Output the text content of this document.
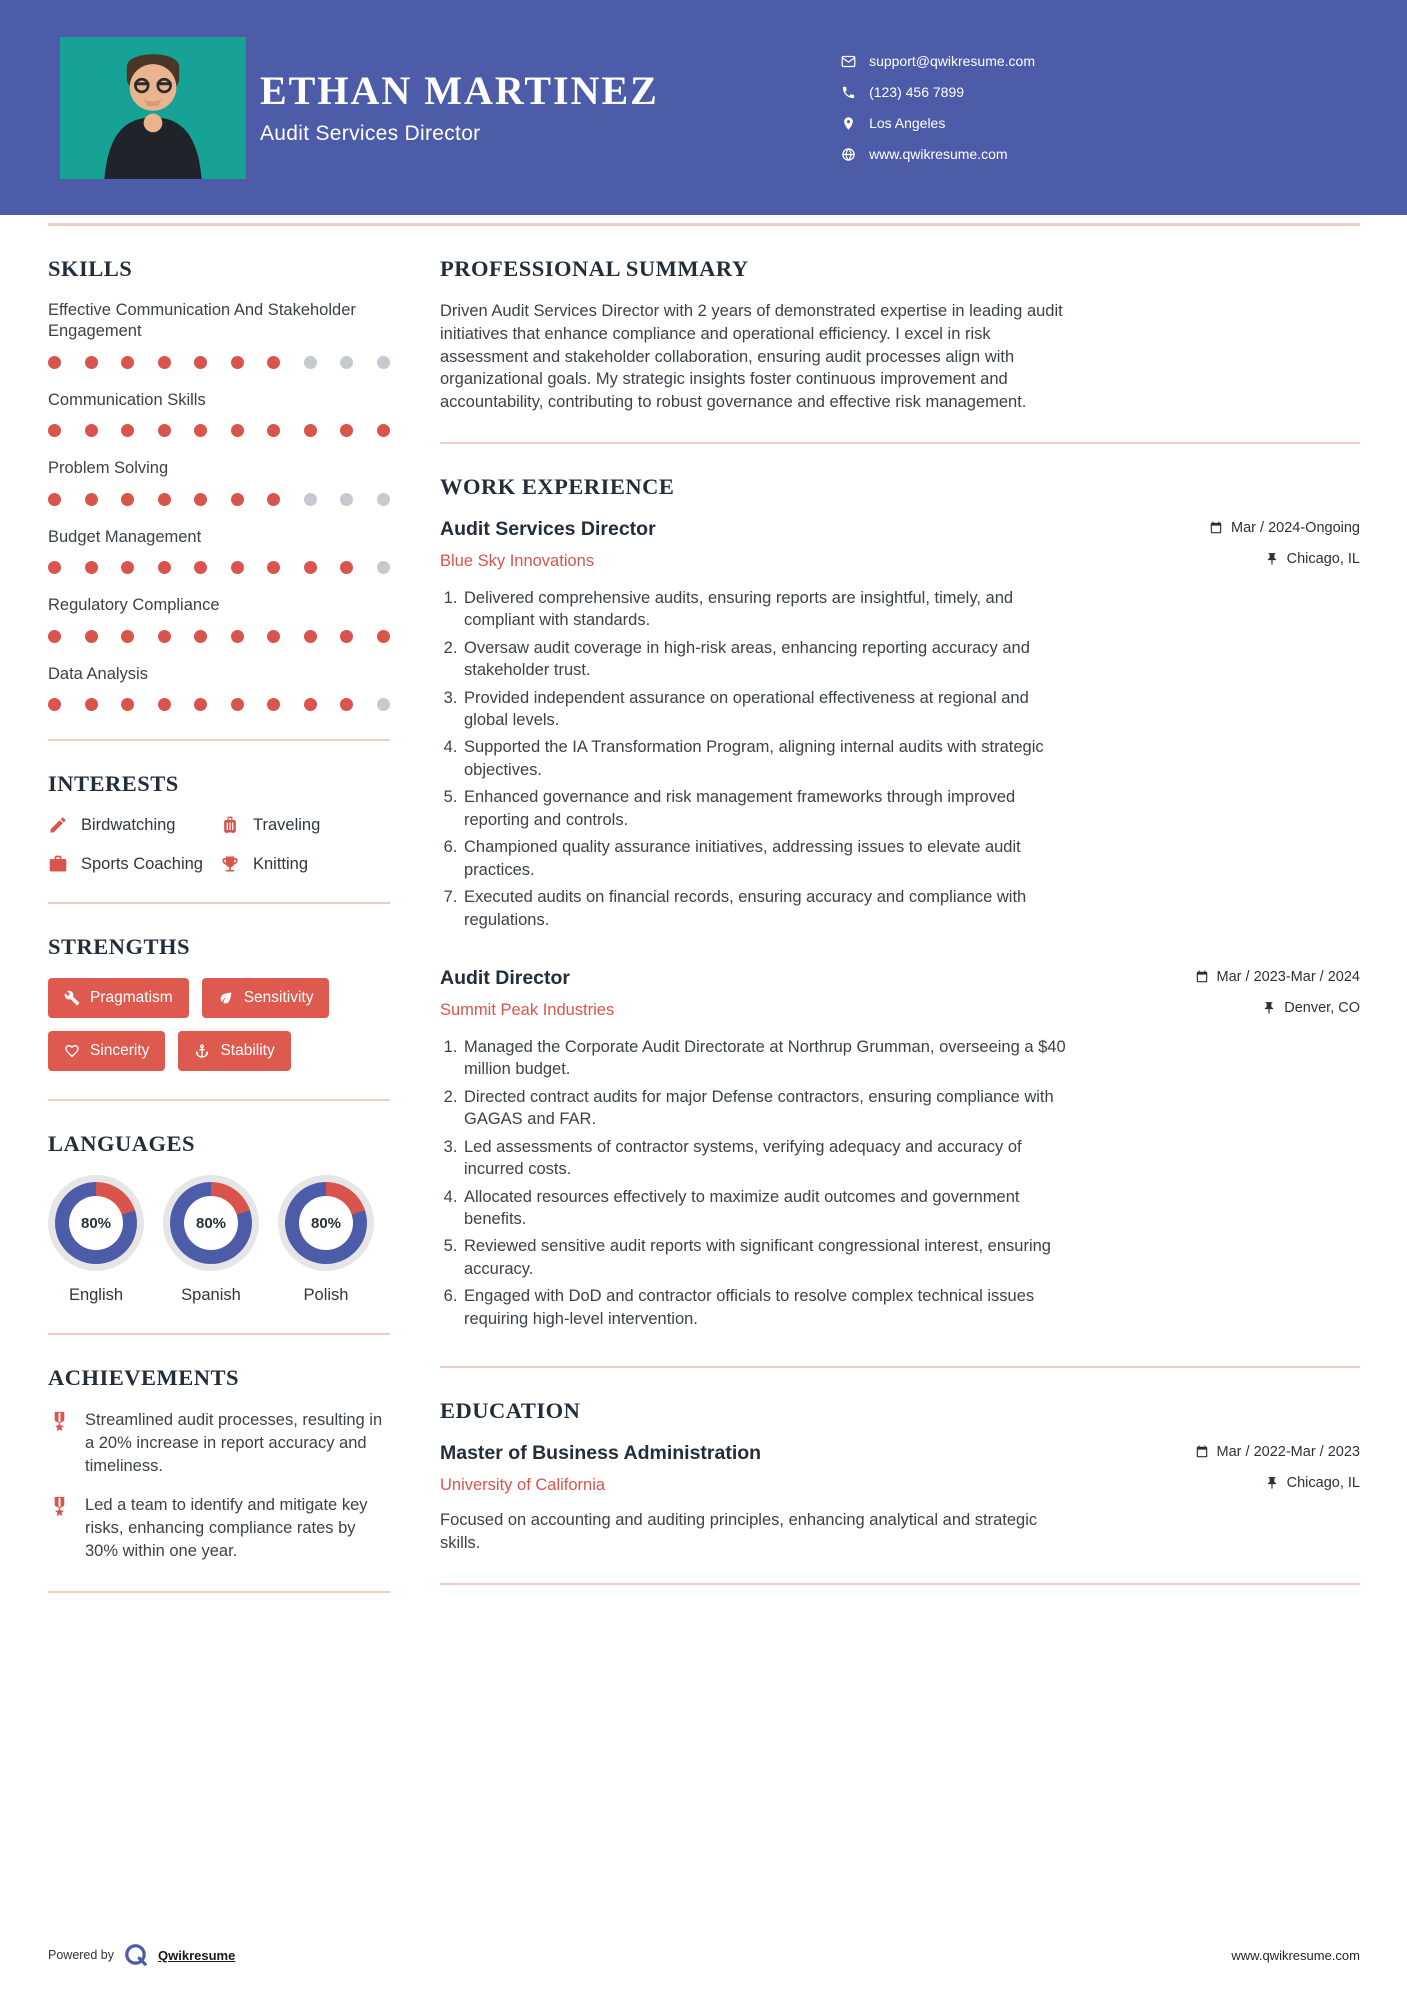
ETHAN MARTINEZ
Audit Services Director
support@qwikresume.com
(123) 456 7899
Los Angeles
www.qwikresume.com
SKILLS
Effective Communication And Stakeholder Engagement
Communication Skills
Problem Solving
Budget Management
Regulatory Compliance
Data Analysis
INTERESTS
Birdwatching	Traveling
Sports Coaching	Knitting
STRENGTHS
Pragmatism	Sensitivity
Sincerity	Stability
LANGUAGES
80%
English
80%
Spanish
80%
Polish
ACHIEVEMENTS
Streamlined audit processes, resulting in a 20% increase in report accuracy and timeliness.
Led a team to identify and mitigate key risks, enhancing compliance rates by 30% within one year.
PROFESSIONAL SUMMARY

Driven Audit Services Director with 2 years of demonstrated expertise in leading audit initiatives that enhance compliance and operational efficiency. I excel in risk assessment and stakeholder collaboration, ensuring audit processes align with organizational goals. My strategic insights foster continuous improvement and accountability, contributing to robust governance and effective risk management.

WORK EXPERIENCE
Audit Services Director	Mar / 2024-Ongoing
Blue Sky Innovations	Chicago, IL
1. Delivered comprehensive audits, ensuring reports are insightful, timely, and compliant with standards.
2. Oversaw audit coverage in high-risk areas, enhancing reporting accuracy and stakeholder trust.
3. Provided independent assurance on operational effectiveness at regional and global levels.
4. Supported the IA Transformation Program, aligning internal audits with strategic objectives.
5. Enhanced governance and risk management frameworks through improved reporting and controls.
6. Championed quality assurance initiatives, addressing issues to elevate audit practices.
7. Executed audits on financial records, ensuring accuracy and compliance with regulations.
Audit Director	Mar / 2023-Mar / 2024
Summit Peak Industries	Denver, CO
1. Managed the Corporate Audit Directorate at Northrup Grumman, overseeing a $40 million budget.
2. Directed contract audits for major Defense contractors, ensuring compliance with GAGAS and FAR.
3. Led assessments of contractor systems, verifying adequacy and accuracy of incurred costs.
4. Allocated resources effectively to maximize audit outcomes and government benefits.
5. Reviewed sensitive audit reports with significant congressional interest, ensuring accuracy.
6. Engaged with DoD and contractor officials to resolve complex technical issues requiring high-level intervention.
EDUCATION
Master of Business Administration	Mar / 2022-Mar / 2023
University of California	Chicago, IL

Focused on accounting and auditing principles, enhancing analytical and strategic skills.

Powered by	Qwikresume	www.qwikresume.com
